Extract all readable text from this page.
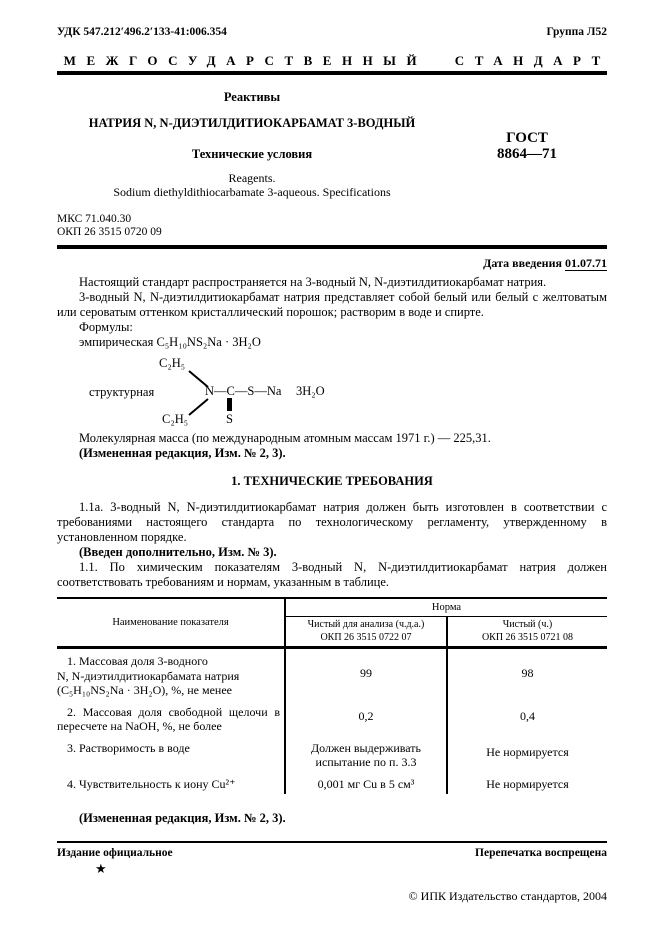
УДК 547.212′496.2′133-41:006.354	Группа Л52
МЕЖГОСУДАРСТВЕННЫЙ СТАНДАРТ
Реактивы
НАТРИЯ N, N-ДИЭТИЛДИТИОКАРБАМАТ 3-ВОДНЫЙ
Технические условия
Reagents.
Sodium diethyldithiocarbamate 3-aqueous. Specifications
ГОСТ
8864—71
МКС 71.040.30
ОКП 26 3515 0720 09
Дата введения 01.07.71
Настоящий стандарт распространяется на 3-водный N, N-диэтилдитиокарбамат натрия.
3-водный N, N-диэтилдитиокарбамат натрия представляет собой белый или белый с желтоватым или сероватым оттенком кристаллический порошок; растворим в воде и спирте.
Формулы:
эмпирическая C₅H₁₀NS₂Na · 3H₂O
структурная
C₂H₅
C₂H₅
N—C—S—Na
S
3H₂O
Молекулярная масса (по международным атомным массам 1971 г.) — 225,31.
(Измененная редакция, Изм. № 2, 3).
1. ТЕХНИЧЕСКИЕ ТРЕБОВАНИЯ
1.1а. 3-водный N, N-диэтилдитиокарбамат натрия должен быть изготовлен в соответствии с требованиями настоящего стандарта по технологическому регламенту, утвержденному в установленном порядке.
(Введен дополнительно, Изм. № 3).
1.1. По химическим показателям 3-водный N, N-диэтилдитиокарбамат натрия должен соответствовать требованиям и нормам, указанным в таблице.
Наименование показателя	Норма	

Чистый для анализа (ч.д.а.)
ОКП 26 3515 0722 07

Чистый (ч.)
ОКП 26 3515 0721 08

1. Массовая доля 3-водного
N, N-диэтилдитиокарбамата натрия
(C₅H₁₀NS₂Na · 3H₂O), %, не менее	99	98

2. Массовая доля свободной щелочи в
пересчете на NaOH, %, не более	0,2	0,4

3. Растворимость в воде	Должен выдерживать
испытание по п. 3.3	Не нормируется

4. Чувствительность к иону Cu²⁺	0,001 мг Cu в 5 см³	Не нормируется
(Измененная редакция, Изм. № 2, 3).
Издание официальное	Перепечатка воспрещена
★
© ИПК Издательство стандартов, 2004
